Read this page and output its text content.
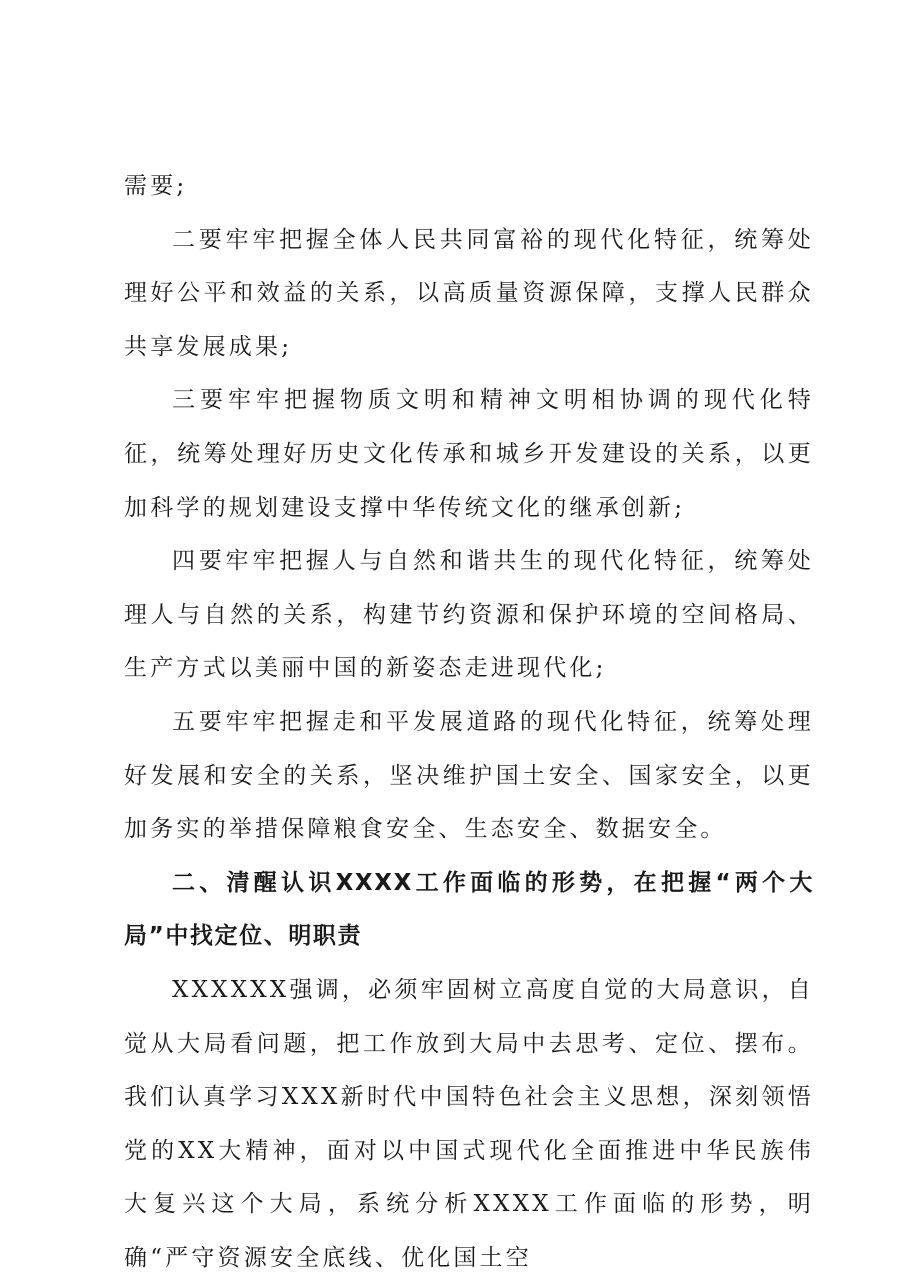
需要;

二要牢牢把握全体人民共同富裕的现代化特征，统筹处理好公平和效益的关系，以高质量资源保障，支撑人民群众共享发展成果;

三要牢牢把握物质文明和精神文明相协调的现代化特征，统筹处理好历史文化传承和城乡开发建设的关系，以更加科学的规划建设支撑中华传统文化的继承创新;

四要牢牢把握人与自然和谐共生的现代化特征，统筹处理人与自然的关系，构建节约资源和保护环境的空间格局、生产方式以美丽中国的新姿态走进现代化;

五要牢牢把握走和平发展道路的现代化特征，统筹处理好发展和安全的关系，坚决维护国土安全、国家安全，以更加务实的举措保障粮食安全、生态安全、数据安全。

二、清醒认识XXXX工作面临的形势，在把握“两个大局”中找定位、明职责

XXXXXX强调，必须牢固树立高度自觉的大局意识，自觉从大局看问题，把工作放到大局中去思考、定位、摆布。我们认真学习XXX新时代中国特色社会主义思想，深刻领悟党的XX大精神，面对以中国式现代化全面推进中华民族伟大复兴这个大局，系统分析XXXX工作面临的形势，明确“严守资源安全底线、优化国土空
